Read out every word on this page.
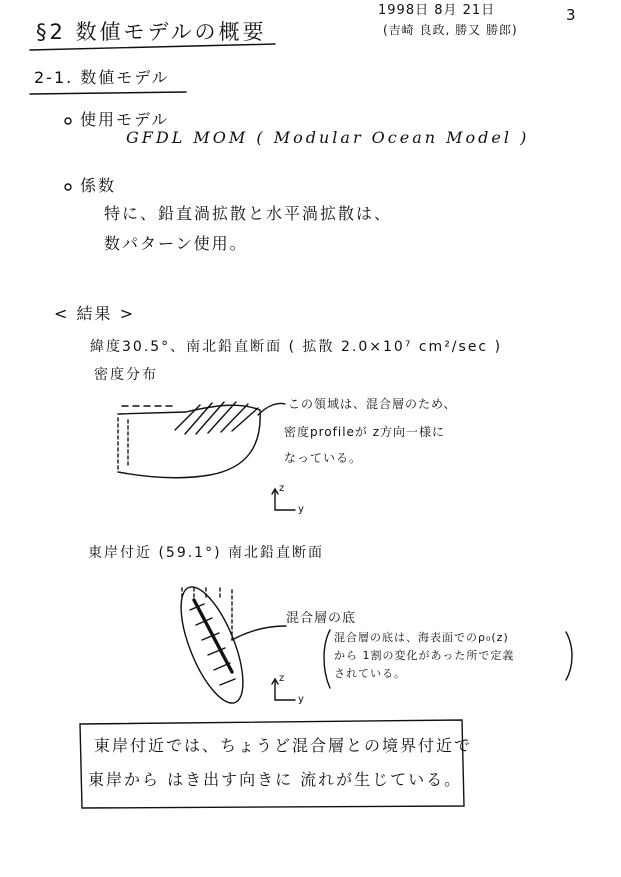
3
1998日 8月 21日
(吉崎 良政, 勝又 勝郎)
§2 数値モデルの概要
2-1. 数値モデル
使用モデル
GFDL MOM ( Modular Ocean Model )
係数
特に、鉛直渦拡散と水平渦拡散は、
数パターン使用。
< 結果 >
緯度30.5°、南北鉛直断面 ( 拡散 2.0×10⁷ cm²/sec )
密度分布
この領域は、混合層のため、
密度profileが z方向一様に
なっている。
z
y
東岸付近 (59.1°) 南北鉛直断面
混合層の底
混合層の底は、海表面でのρ₀(z)
から 1割の変化があった所で定義
されている。
z
y
東岸付近では、ちょうど混合層との境界付近で
東岸から はき出す向きに 流れが生じている。
